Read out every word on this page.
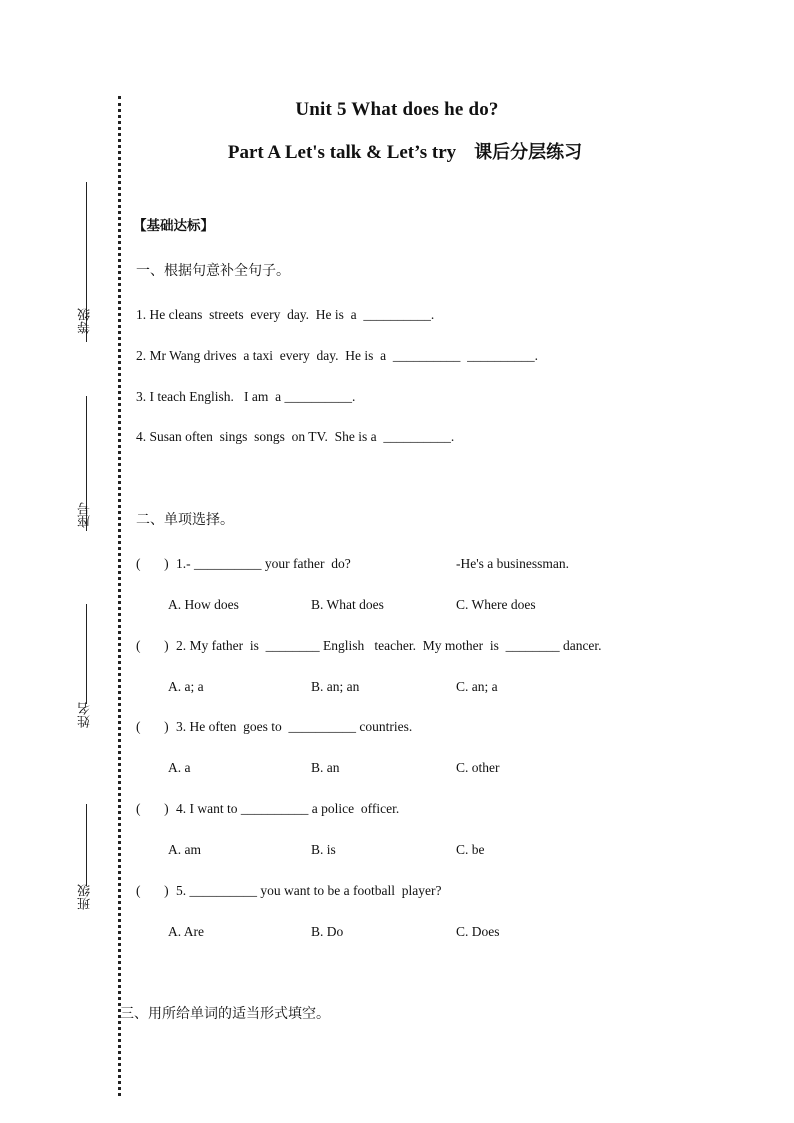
等级
座号
姓名
班级
Unit 5 What does he do?
Part A Let's talk & Let’s try 课后分层练习
【基础达标】
一、根据句意补全句子。
1. He cleans  streets  every  day.  He is  a  __________.
2. Mr Wang drives  a taxi  every  day.  He is  a  __________  __________.
3. I teach English.   I am  a __________.
4. Susan often  sings  songs  on TV.  She is a  __________.
二、单项选择。
(       ) 1.- __________ your father  do?	-He's a businessman.
A. How does	B. What does	C. Where does
(       ) 2. My father  is  ________ English   teacher.  My mother  is  ________ dancer.
A. a; a	B. an; an	C. an; a
(       ) 3. He often  goes to  __________ countries.
A. a	B. an	C. other
(       ) 4. I want to __________ a police  officer.
A. am	B. is	C. be
(       ) 5. __________ you want to be a football  player?
A. Are	B. Do	C. Does
三、用所给单词的适当形式填空。
